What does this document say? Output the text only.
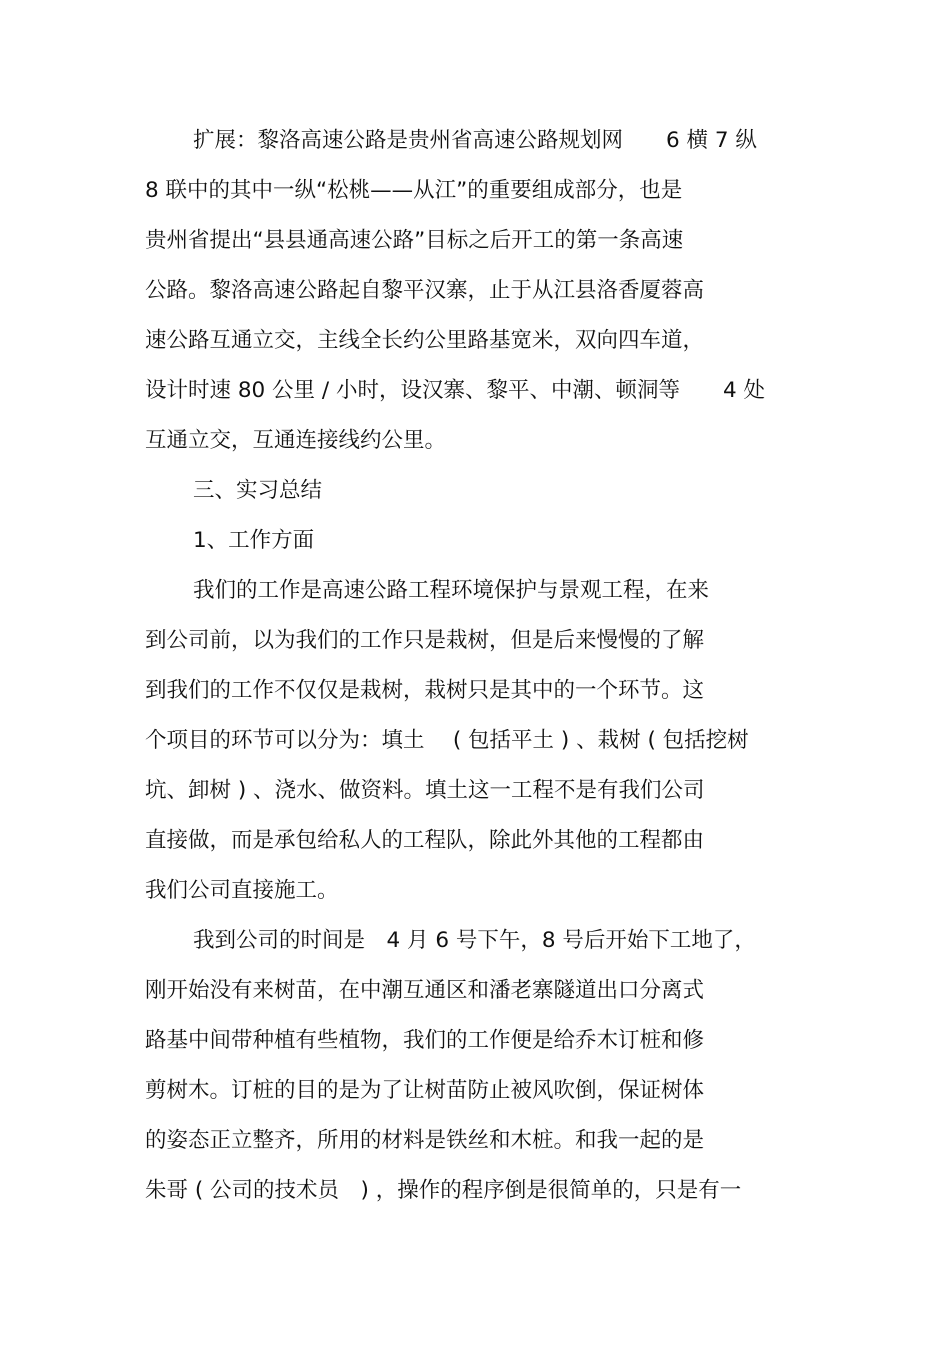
扩展：黎洛高速公路是贵州省高速公路规划网　　6 横 7 纵
8 联中的其中一纵“松桃——从江”的重要组成部分，也是
贵州省提出“县县通高速公路”目标之后开工的第一条高速
公路。黎洛高速公路起自黎平汉寨，止于从江县洛香厦蓉高
速公路互通立交，主线全长约公里路基宽米，双向四车道，
设计时速 80 公里 / 小时，设汉寨、黎平、中潮、顿洞等　　4 处
互通立交，互通连接线约公里。
三、实习总结
1、工作方面
我们的工作是高速公路工程环境保护与景观工程，在来
到公司前，以为我们的工作只是栽树，但是后来慢慢的了解
到我们的工作不仅仅是栽树，栽树只是其中的一个环节。这
个项目的环节可以分为：填土　 ( 包括平土 ) 、栽树 ( 包括挖树
坑、卸树 ) 、浇水、做资料。填土这一工程不是有我们公司
直接做，而是承包给私人的工程队，除此外其他的工程都由
我们公司直接施工。
我到公司的时间是　4 月 6 号下午，8 号后开始下工地了，
刚开始没有来树苗，在中潮互通区和潘老寨隧道出口分离式
路基中间带种植有些植物，我们的工作便是给乔木订桩和修
剪树木。订桩的目的是为了让树苗防止被风吹倒，保证树体
的姿态正立整齐，所用的材料是铁丝和木桩。和我一起的是
朱哥 ( 公司的技术员　) ，操作的程序倒是很简单的，只是有一
